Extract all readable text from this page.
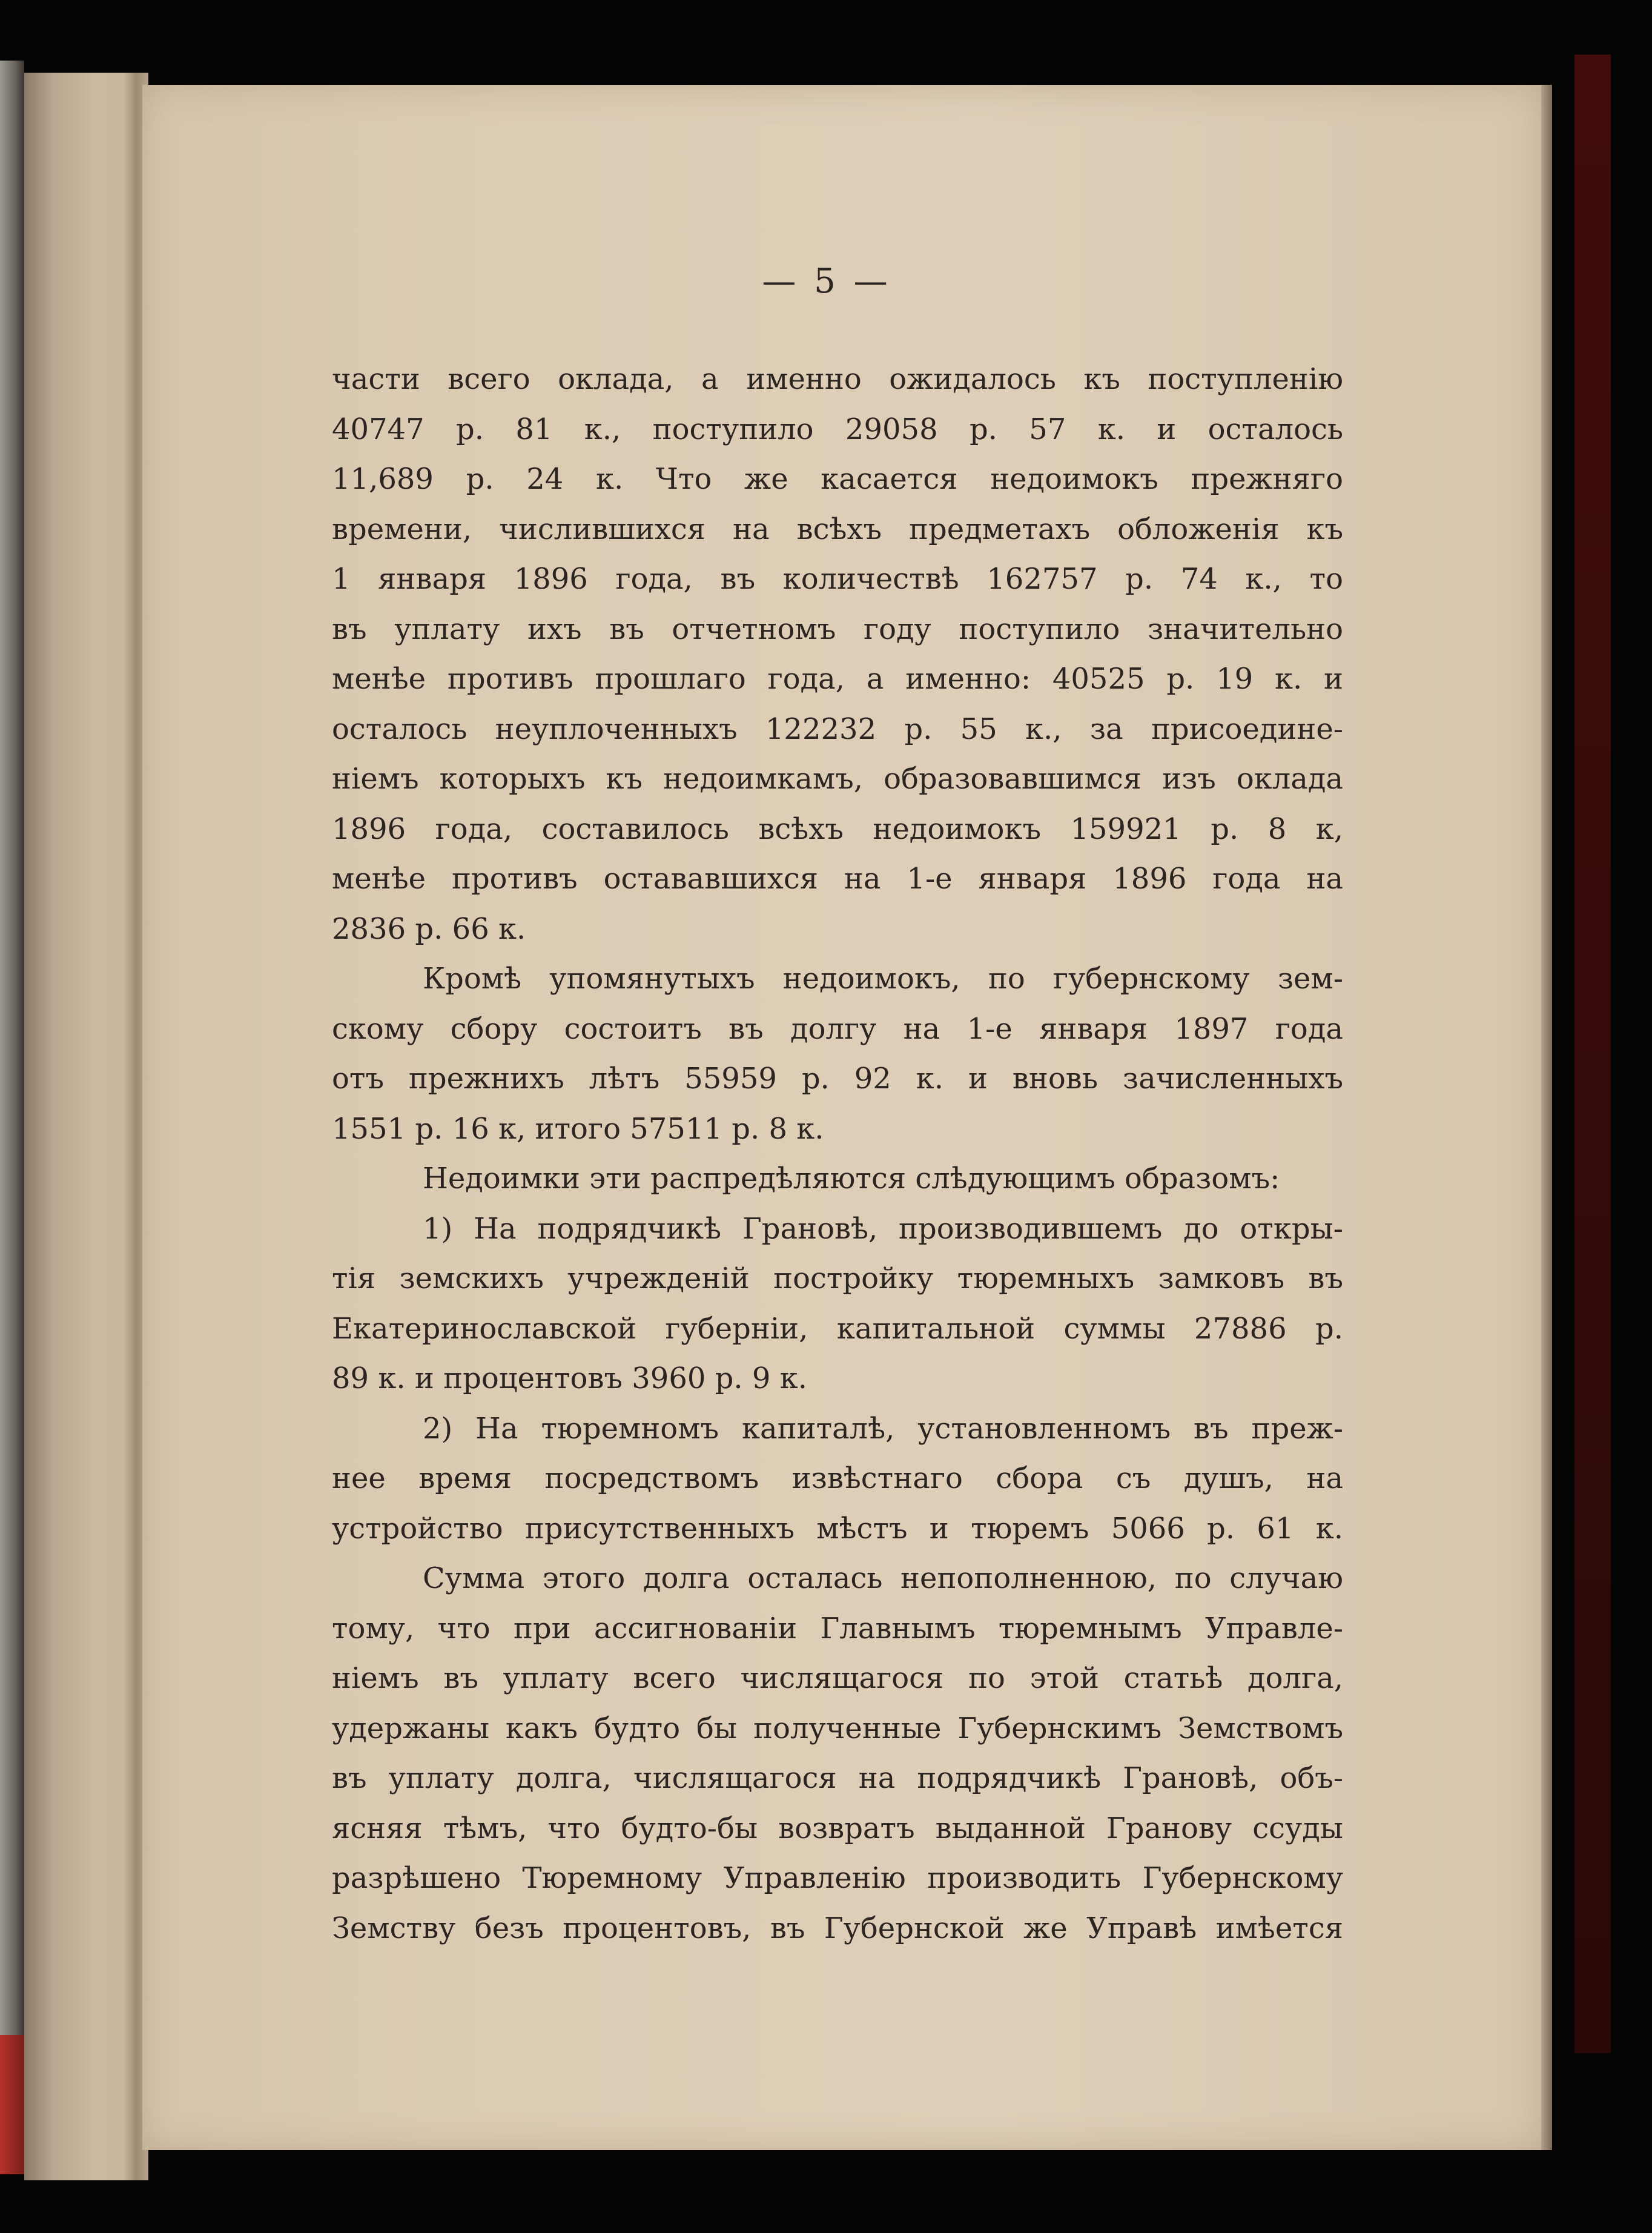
— 5 —
части всего оклада, а именно ожидалось къ поступленію
40747 р. 81 к., поступило 29058 р. 57 к. и осталось
11,689 р. 24 к. Что же касается недоимокъ прежняго
времени, числившихся на всѣхъ предметахъ обложенія къ
1 января 1896 года, въ количествѣ 162757 р. 74 к., то
въ уплату ихъ въ отчетномъ году поступило значительно
менѣе противъ прошлаго года, а именно: 40525 р. 19 к. и
осталось неуплоченныхъ 122232 р. 55 к., за присоедине-
ніемъ которыхъ къ недоимкамъ, образовавшимся изъ оклада
1896 года, составилось всѣхъ недоимокъ 159921 р. 8 к,
менѣе противъ остававшихся на 1-е января 1896 года на
2836 р. 66 к.
Кромѣ упомянутыхъ недоимокъ, по губернскому зем-
скому сбору состоитъ въ долгу на 1-е января 1897 года
отъ прежнихъ лѣтъ 55959 р. 92 к. и вновь зачисленныхъ
1551 р. 16 к, итого 57511 р. 8 к.
Недоимки эти распредѣляются слѣдующимъ образомъ:
1) На подрядчикѣ Грановѣ, производившемъ до откры-
тія земскихъ учрежденій постройку тюремныхъ замковъ въ
Екатеринославской губерніи, капитальной суммы 27886 р.
89 к. и процентовъ 3960 р. 9 к.
2) На тюремномъ капиталѣ, установленномъ въ преж-
нее время посредствомъ извѣстнаго сбора съ душъ, на
устройство присутственныхъ мѣстъ и тюремъ 5066 р. 61 к.
Сумма этого долга осталась непополненною, по случаю
тому, что при ассигнованіи Главнымъ тюремнымъ Управле-
ніемъ въ уплату всего числящагося по этой статьѣ долга,
удержаны какъ будто бы полученные Губернскимъ Земствомъ
въ уплату долга, числящагося на подрядчикѣ Грановѣ, объ-
ясняя тѣмъ, что будто-бы возвратъ выданной Гранову ссуды
разрѣшено Тюремному Управленію производить Губернскому
Земству безъ процентовъ, въ Губернской же Управѣ имѣется
